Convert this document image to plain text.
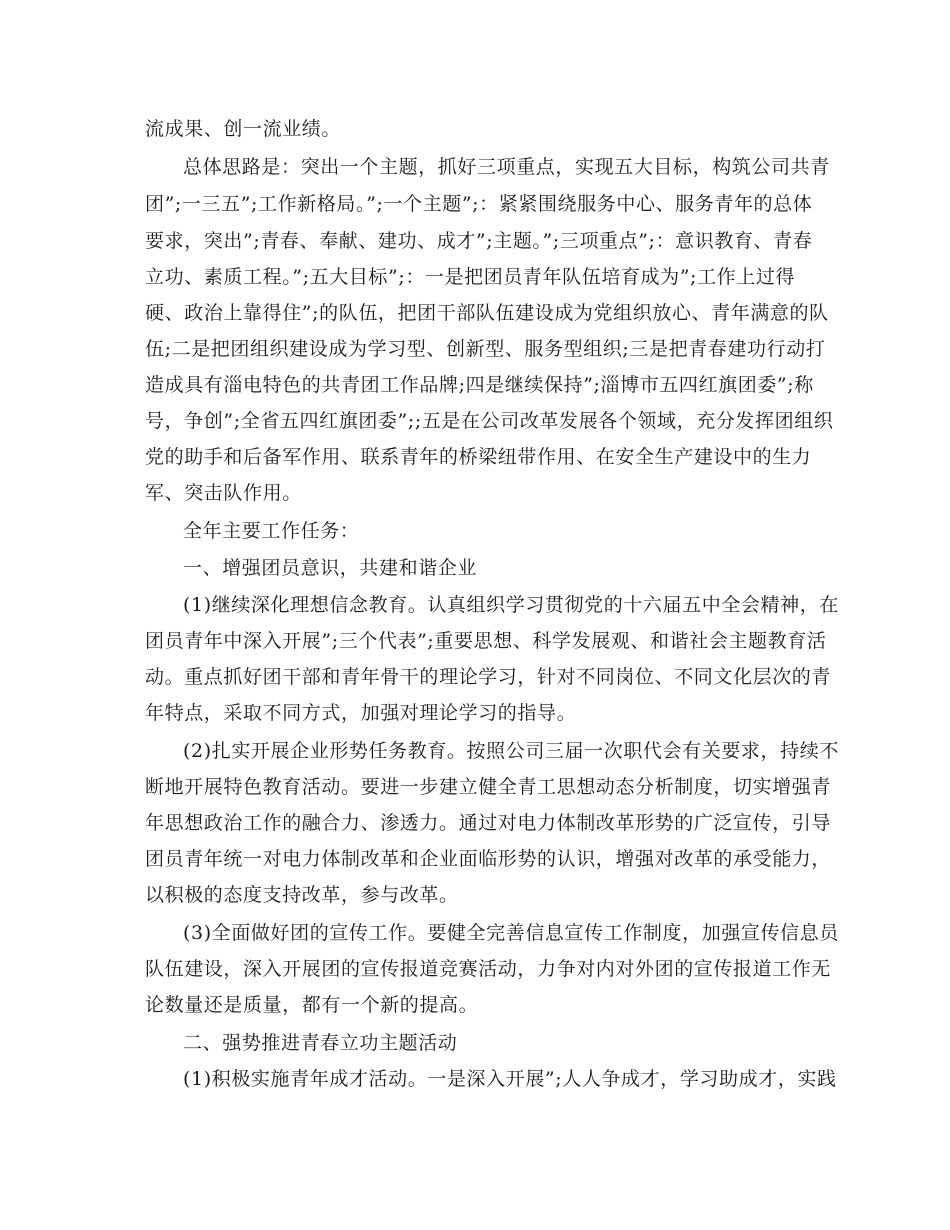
流成果、创一流业绩。
总体思路是：突出一个主题，抓好三项重点，实现五大目标，构筑公司共青
团”;一三五”;工作新格局。”;一个主题”;：紧紧围绕服务中心、服务青年的总体
要求，突出”;青春、奉献、建功、成才”;主题。”;三项重点”;：意识教育、青春
立功、素质工程。”;五大目标”;：一是把团员青年队伍培育成为”;工作上过得
硬、政治上靠得住”;的队伍，把团干部队伍建设成为党组织放心、青年满意的队
伍;二是把团组织建设成为学习型、创新型、服务型组织;三是把青春建功行动打
造成具有淄电特色的共青团工作品牌;四是继续保持”;淄博市五四红旗团委”;称
号，争创”;全省五四红旗团委”;;五是在公司改革发展各个领域，充分发挥团组织
党的助手和后备军作用、联系青年的桥梁纽带作用、在安全生产建设中的生力
军、突击队作用。
全年主要工作任务：
一、增强团员意识，共建和谐企业
(1)继续深化理想信念教育。认真组织学习贯彻党的十六届五中全会精神，在
团员青年中深入开展”;三个代表”;重要思想、科学发展观、和谐社会主题教育活
动。重点抓好团干部和青年骨干的理论学习，针对不同岗位、不同文化层次的青
年特点，采取不同方式，加强对理论学习的指导。
(2)扎实开展企业形势任务教育。按照公司三届一次职代会有关要求，持续不
断地开展特色教育活动。要进一步建立健全青工思想动态分析制度，切实增强青
年思想政治工作的融合力、渗透力。通过对电力体制改革形势的广泛宣传，引导
团员青年统一对电力体制改革和企业面临形势的认识，增强对改革的承受能力，
以积极的态度支持改革，参与改革。
(3)全面做好团的宣传工作。要健全完善信息宣传工作制度，加强宣传信息员
队伍建设，深入开展团的宣传报道竞赛活动，力争对内对外团的宣传报道工作无
论数量还是质量，都有一个新的提高。
二、强势推进青春立功主题活动
(1)积极实施青年成才活动。一是深入开展”;人人争成才，学习助成才，实践
